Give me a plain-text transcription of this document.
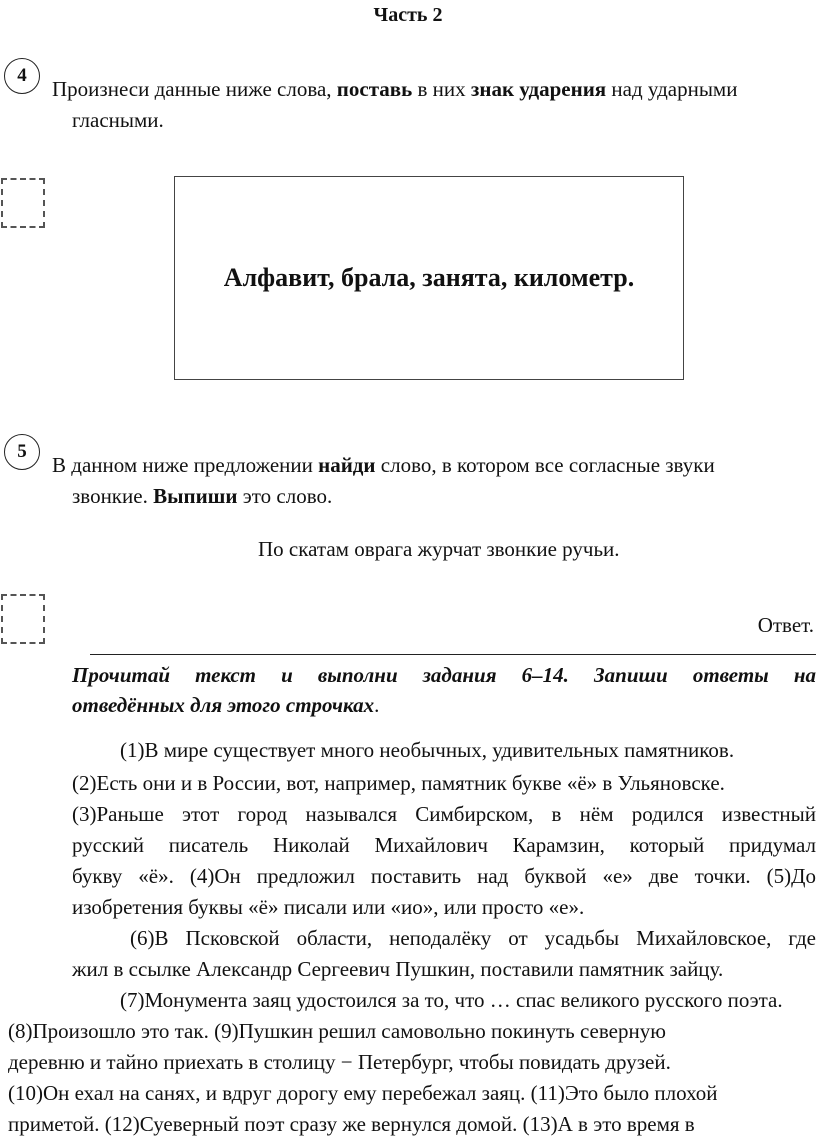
Часть 2
4
Произнеси данные ниже слова, поставь в них знак ударения над ударными
гласными.
Алфавит, брала, занята, километр.
5
В данном ниже предложении найди слово, в котором все согласные звуки
звонкие. Выпиши это слово.
По скатам оврага журчат звонкие ручьи.
Ответ.
Прочитай текст и выполни задания 6–14. Запиши ответы на
отведённых для этого строчках.
(1)В мире существует много необычных, удивительных памятников.
(2)Есть они и в России, вот, например, памятник букве «ё» в Ульяновске.
(3)Раньше этот город назывался Симбирском, в нём родился известный
русский писатель Николай Михайлович Карамзин, который придумал
букву «ё». (4)Он предложил поставить над буквой «е» две точки. (5)До
изобретения буквы «ё» писали или «ио», или просто «е».
(6)В Псковской области, неподалёку от усадьбы Михайловское, где
жил в ссылке Александр Сергеевич Пушкин, поставили памятник зайцу.
(7)Монумента заяц удостоился за то, что … спас великого русского поэта.
(8)Произошло это так. (9)Пушкин решил самовольно покинуть северную
деревню и тайно приехать в столицу − Петербург, чтобы повидать друзей.
(10)Он ехал на санях, и вдруг дорогу ему перебежал заяц. (11)Это было плохой
приметой. (12)Суеверный поэт сразу же вернулся домой. (13)А в это время в
